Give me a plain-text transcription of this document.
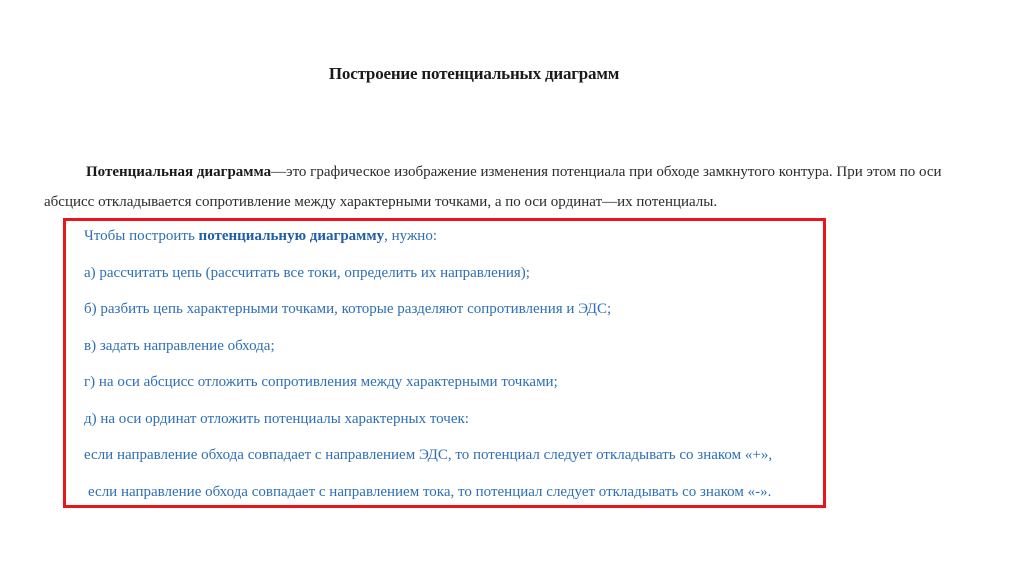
Построение потенциальных диаграмм
Потенциальная диаграмма—это графическое изображение изменения потенциала при обходе замкнутого контура. При этом по оси абсцисс откладывается сопротивление между характерными точками, а по оси ординат—их потенциалы.
Чтобы построить потенциальную диаграмму, нужно:
а) рассчитать цепь (рассчитать все токи, определить их направления);
б) разбить цепь характерными точками, которые разделяют сопротивления и ЭДС;
в) задать направление обхода;
г) на оси абсцисс отложить сопротивления между характерными точками;
д) на оси ординат отложить потенциалы характерных точек:
если направление обхода совпадает с направлением ЭДС, то потенциал следует откладывать со знаком «+»,
если направление обхода совпадает с направлением тока, то потенциал следует откладывать со знаком «-».
